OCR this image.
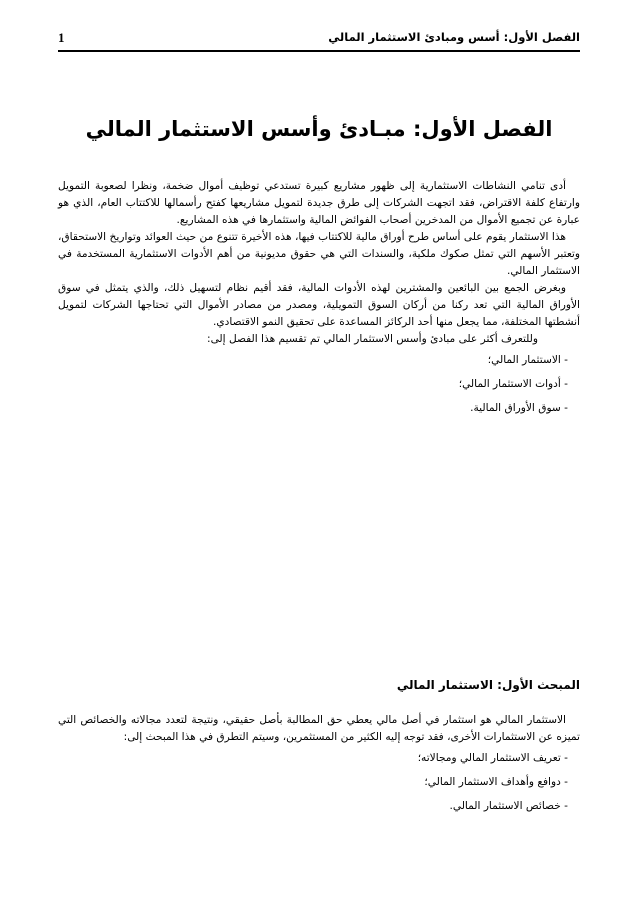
الفصل الأول: أسس ومبادئ الاستثمار المالي
1
الفصل الأول: مبـادئ وأسس الاستثمار المالي

أدى تنامي النشاطات الاستثمارية إلى ظهور مشاريع كبيرة تستدعي توظيف أموال ضخمة، ونظرا لصعوبة التمويل وارتفاع كلفة الاقتراض، فقد اتجهت الشركات إلى طرق جديدة لتمويل مشاريعها كفتح رأسمالها للاكتتاب العام، الذي هو عبارة عن تجميع الأموال من المدخرين أصحاب الفوائض المالية واستثمارها في هذه المشاريع.

هذا الاستثمار يقوم على أساس طرح أوراق مالية للاكتتاب فيها، هذه الأخيرة تتنوع من حيث العوائد وتواريخ الاستحقاق، وتعتبر الأسهم التي تمثل صكوك ملكية، والسندات التي هي حقوق مديونية من أهم الأدوات الاستثمارية المستخدمة في الاستثمار المالي.

وبغرض الجمع بين البائعين والمشترين لهذه الأدوات المالية، فقد أقيم نظام لتسهيل ذلك، والذي يتمثل في سوق الأوراق المالية التي تعد ركنا من أركان السوق التمويلية، ومصدر من مصادر الأموال التي تحتاجها الشركات لتمويل أنشطتها المختلفة، مما يجعل منها أحد الركائز المساعدة على تحقيق النمو الاقتصادي.

وللتعرف أكثر على مبادئ وأسس الاستثمار المالي تم تقسيم هذا الفصل إلى:

- الاستثمار المالي؛
- أدوات الاستثمار المالي؛
- سوق الأوراق المالية.
المبحث الأول: الاستثمار المالي

الاستثمار المالي هو استثمار في أصل مالي يعطي حق المطالبة بأصل حقيقي، ونتيجة لتعدد مجالاته والخصائص التي تميزه عن الاستثمارات الأخرى، فقد توجه إليه الكثير من المستثمرين، وسيتم التطرق في هذا المبحث إلى:

- تعريف الاستثمار المالي ومجالاته؛
- دوافع وأهداف الاستثمار المالي؛
- خصائص الاستثمار المالي.
